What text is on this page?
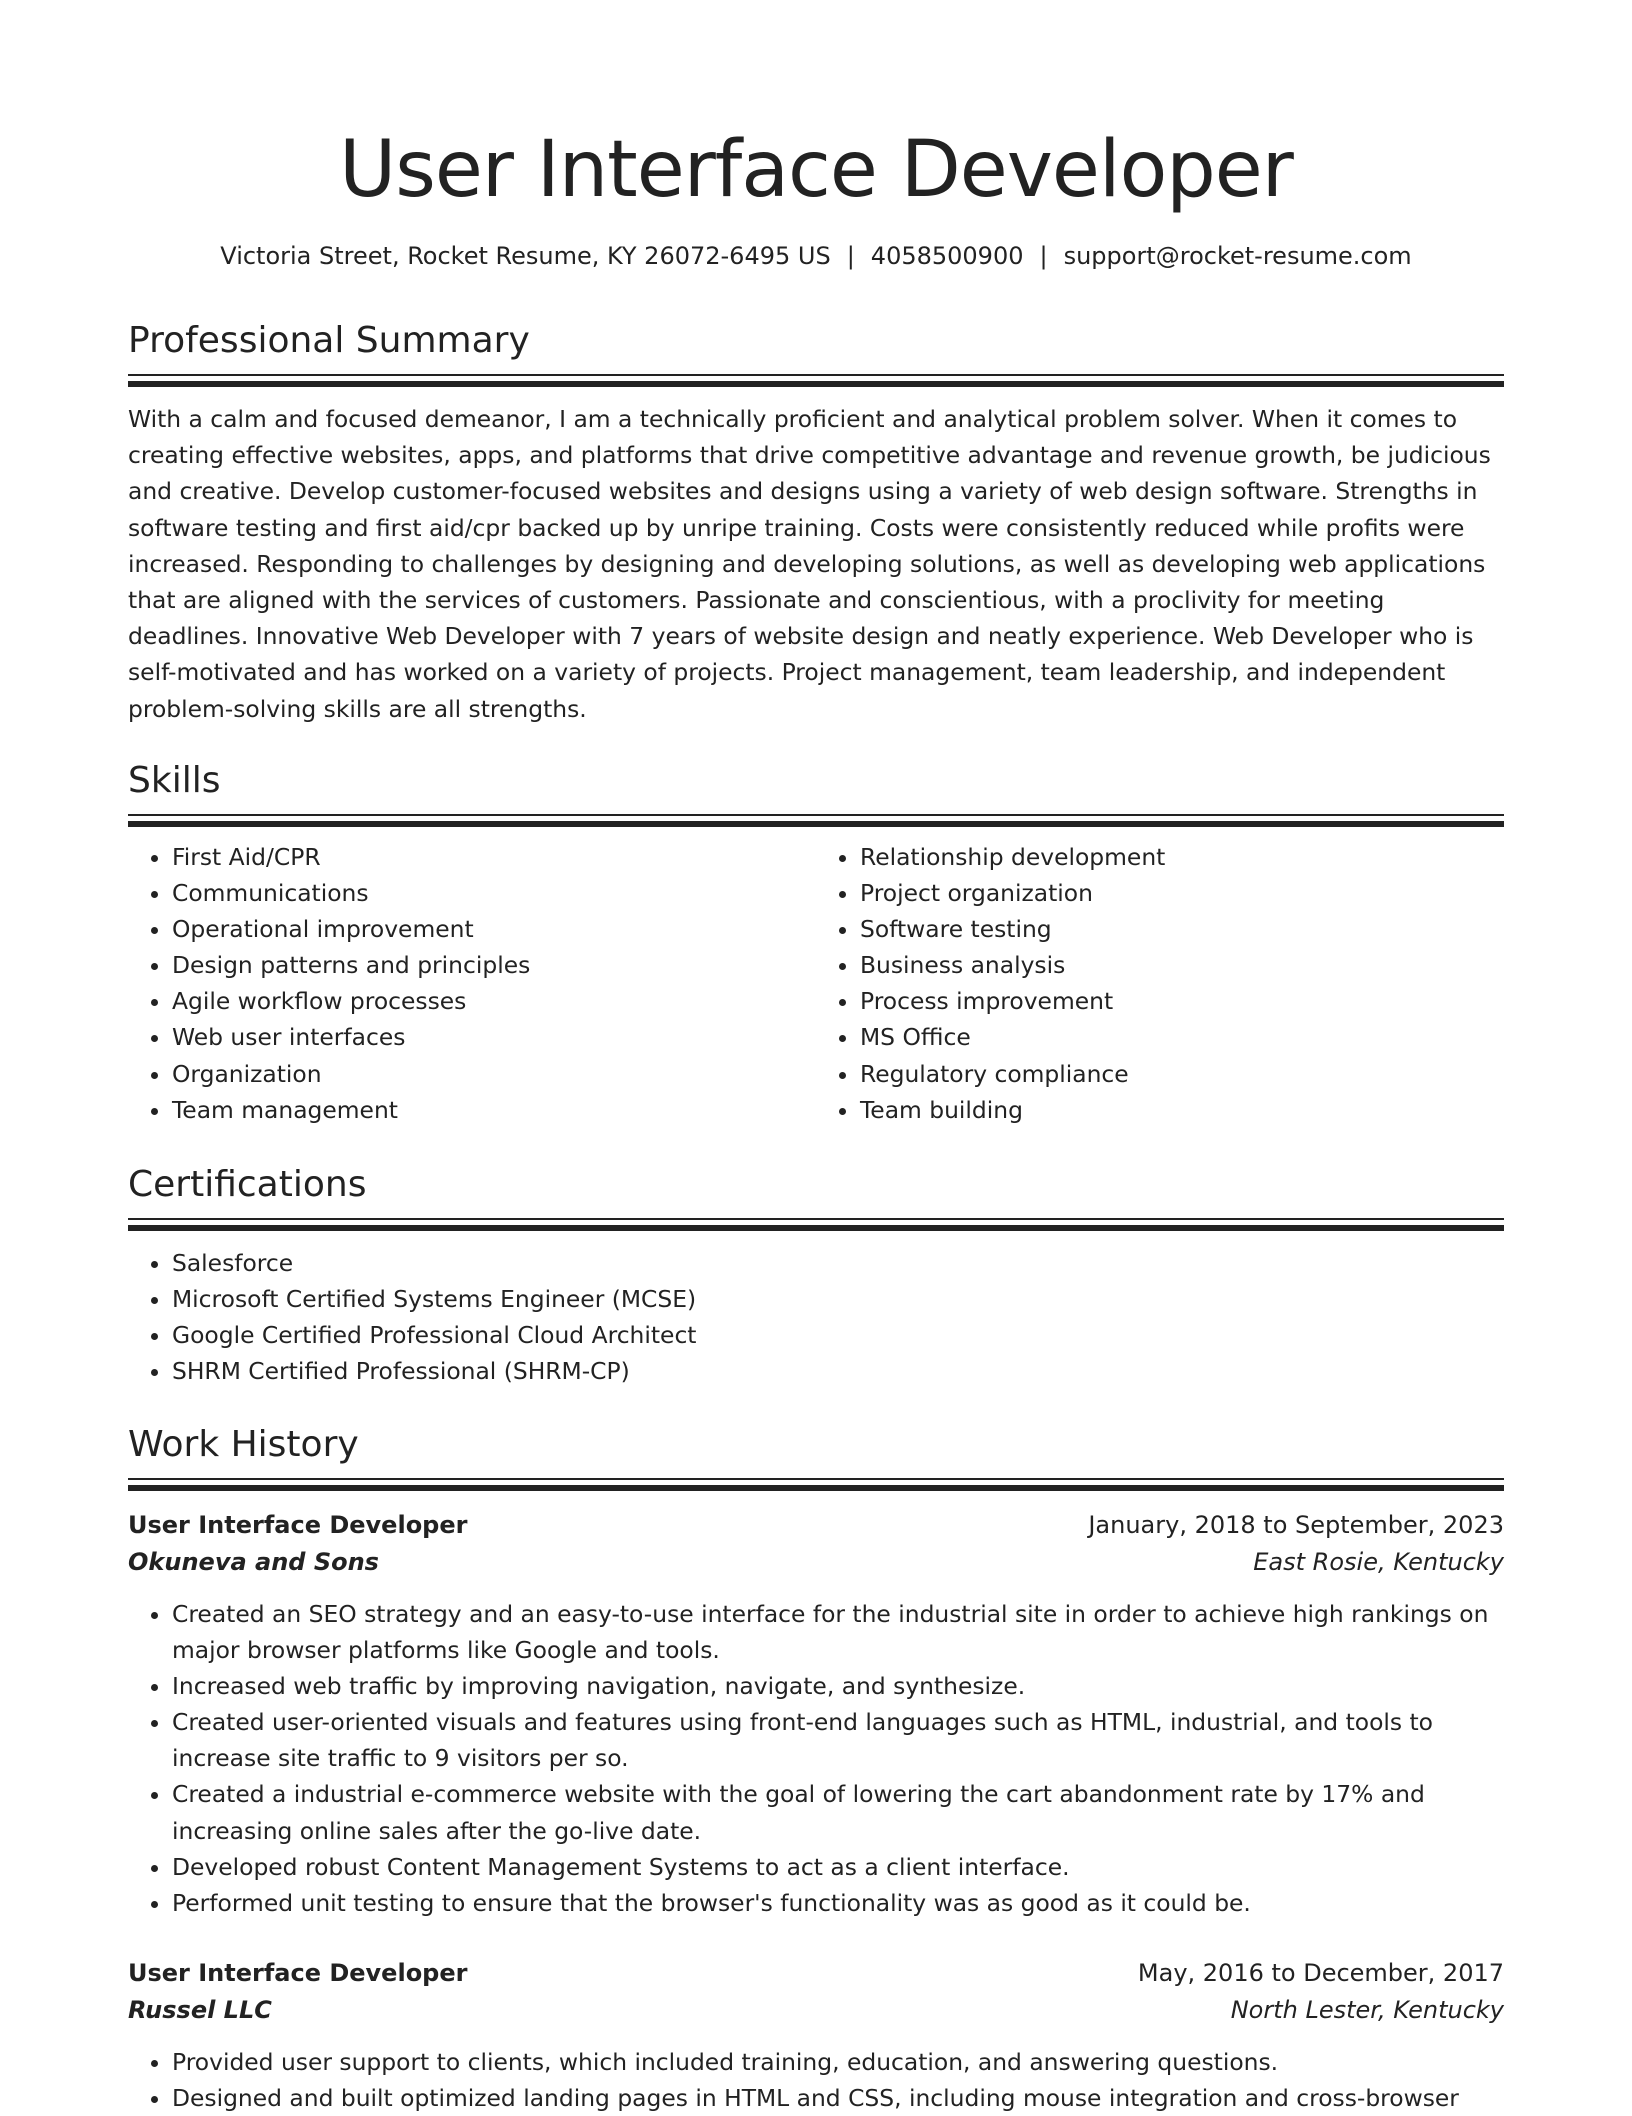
User Interface Developer
Victoria Street, Rocket Resume, KY 26072-6495 US | 4058500900 | support@rocket-resume.com
Professional Summary

With a calm and focused demeanor, I am a technically proficient and analytical problem solver. When it comes to creating effective websites, apps, and platforms that drive competitive advantage and revenue growth, be judicious and creative. Develop customer-focused websites and designs using a variety of web design software. Strengths in software testing and first aid/cpr backed up by unripe training. Costs were consistently reduced while profits were increased. Responding to challenges by designing and developing solutions, as well as developing web applications that are aligned with the services of customers. Passionate and conscientious, with a proclivity for meeting deadlines. Innovative Web Developer with 7 years of website design and neatly experience. Web Developer who is self-motivated and has worked on a variety of projects. Project management, team leadership, and independent problem-solving skills are all strengths.

Skills
• First Aid/CPR
• Communications
• Operational improvement
• Design patterns and principles
• Agile workflow processes
• Web user interfaces
• Organization
• Team management
• Relationship development
• Project organization
• Software testing
• Business analysis
• Process improvement
• MS Office
• Regulatory compliance
• Team building
Certifications
• Salesforce
• Microsoft Certified Systems Engineer (MCSE)
• Google Certified Professional Cloud Architect
• SHRM Certified Professional (SHRM-CP)
Work History
User Interface Developer	January, 2018 to September, 2023
Okuneva and Sons	East Rosie, Kentucky
• Created an SEO strategy and an easy-to-use interface for the industrial site in order to achieve high rankings on major browser platforms like Google and tools.
• Increased web traffic by improving navigation, navigate, and synthesize.
• Created user-oriented visuals and features using front-end languages such as HTML, industrial, and tools to increase site traffic to 9 visitors per so.
• Created a industrial e-commerce website with the goal of lowering the cart abandonment rate by 17% and increasing online sales after the go-live date.
• Developed robust Content Management Systems to act as a client interface.
• Performed unit testing to ensure that the browser's functionality was as good as it could be.
User Interface Developer	May, 2016 to December, 2017
Russel LLC	North Lester, Kentucky
• Provided user support to clients, which included training, education, and answering questions.
• Designed and built optimized landing pages in HTML and CSS, including mouse integration and cross-browser
